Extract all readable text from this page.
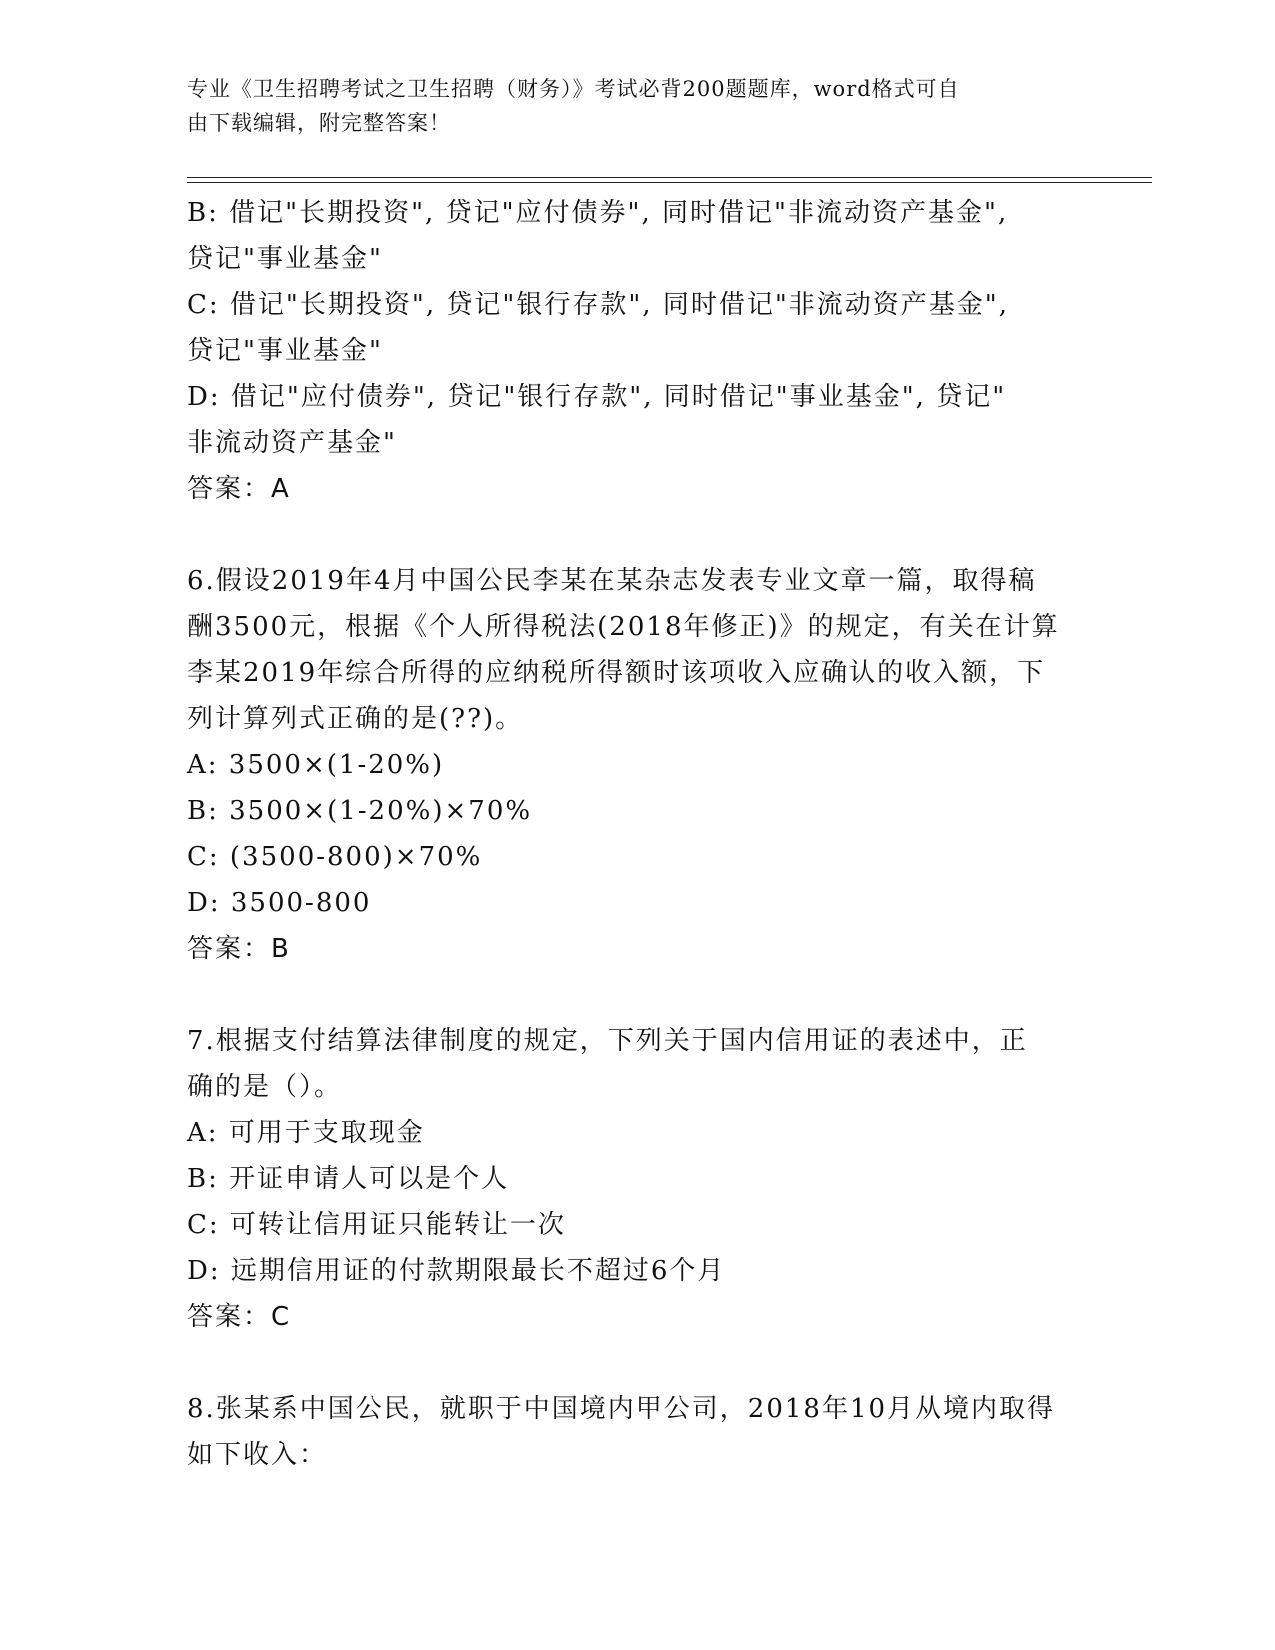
专业《卫生招聘考试之卫生招聘（财务）》考试必背200题题库，word格式可自
由下载编辑，附完整答案！
B: 借记"长期投资", 贷记"应付债券", 同时借记"非流动资产基金",
贷记"事业基金"
C: 借记"长期投资", 贷记"银行存款", 同时借记"非流动资产基金",
贷记"事业基金"
D: 借记"应付债券", 贷记"银行存款", 同时借记"事业基金", 贷记"
非流动资产基金"
答案：A
6.假设2019年4月中国公民李某在某杂志发表专业文章一篇，取得稿
酬3500元，根据《个人所得税法(2018年修正)》的规定，有关在计算
李某2019年综合所得的应纳税所得额时该项收入应确认的收入额，下
列计算列式正确的是(??)。
A: 3500×(1-20%)
B: 3500×(1-20%)×70%
C: (3500-800)×70%
D: 3500-800
答案：B
7.根据支付结算法律制度的规定，下列关于国内信用证的表述中，正
确的是（）。
A: 可用于支取现金
B: 开证申请人可以是个人
C: 可转让信用证只能转让一次
D: 远期信用证的付款期限最长不超过6个月
答案：C
8.张某系中国公民，就职于中国境内甲公司，2018年10月从境内取得
如下收入：
